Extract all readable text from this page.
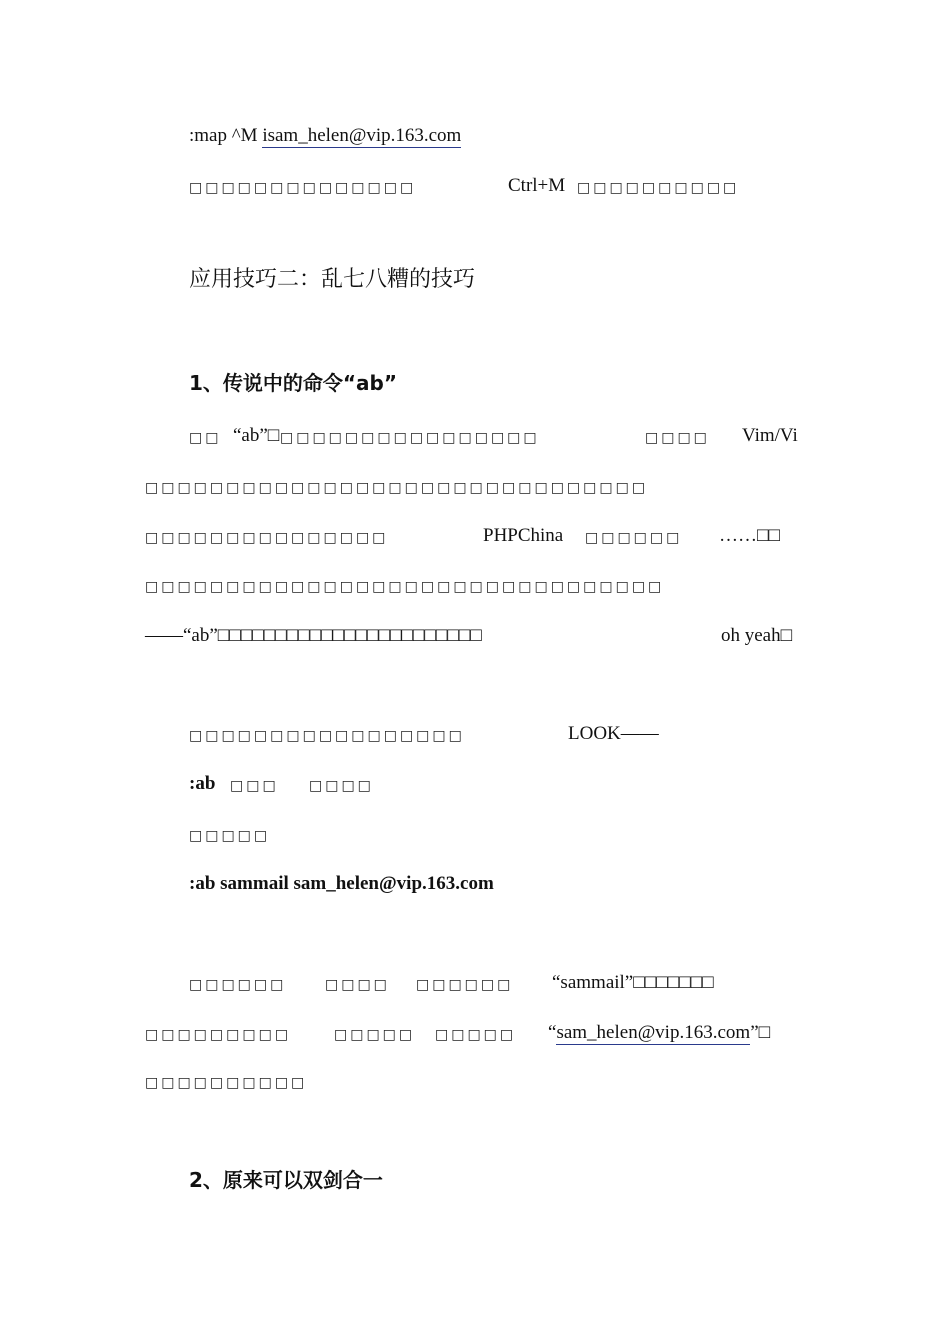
:map ^M isam_helen@vip.163.com
□□□□□□□□□□□□□□	Ctrl+M □□□□□□□□□□
应用技巧二：乱七八糟的技巧
1、传说中的命令“ab”
□□ “ab”□ □□□□□□□□□□□□□□□□	□□□□ Vim/Vi
□□□□□□□□□□□□□□□□□□□□□□□□□□□□□□□
□□□□□□□□□□□□□□□	PHPChina □□□□□□ ……□□
□□□□□□□□□□□□□□□□□□□□□□□□□□□□□□□□
——“ab”□□□□□□□□□□□□□□□□□□□□□□□	oh yeah□
□□□□□□□□□□□□□□□□□	LOOK——
:ab □□□ □□□□
□□□□□
:ab sammail sam_helen@vip.163.com
□□□□□□	□□□□ □□□□□□ “sammail”□□□□□□□
□□□□□□□□□	□□□□□ □□□□□ “sam_helen@vip.163.com”□
□□□□□□□□□□
2、原来可以双剑合一
